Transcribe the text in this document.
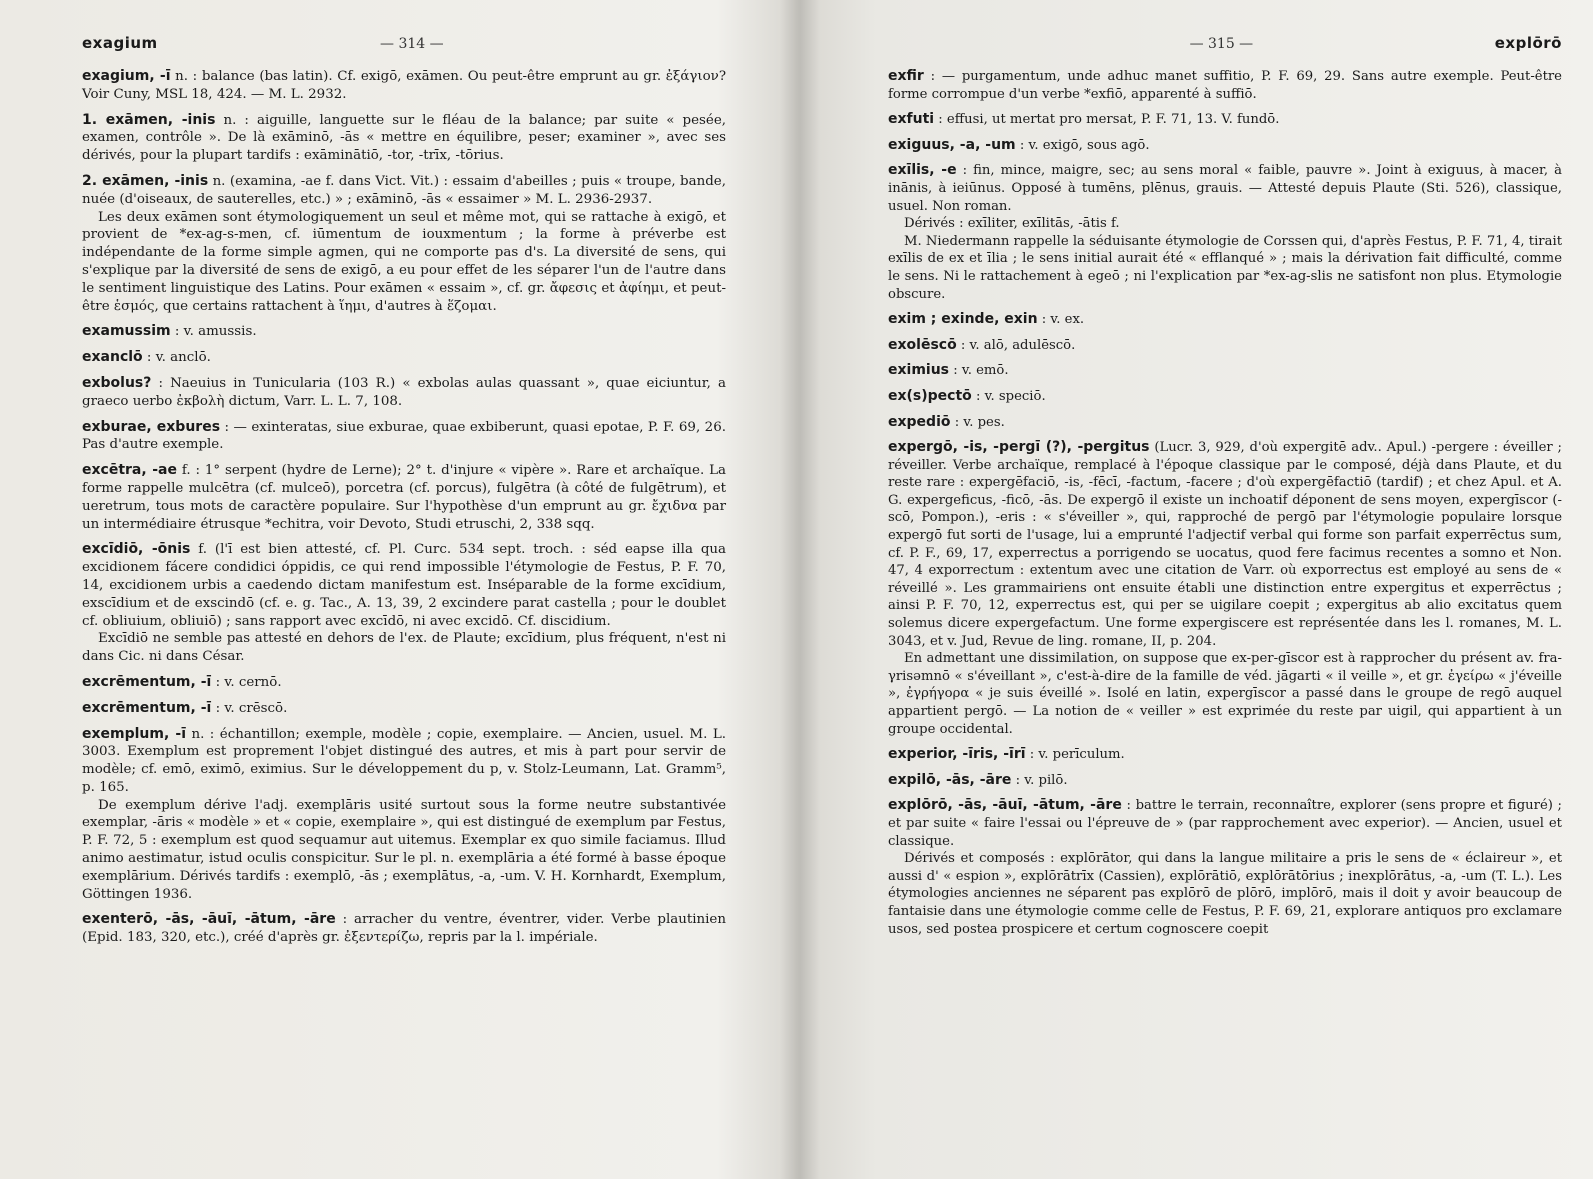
exagium	— 314 —

exagium, -ī n. : balance (bas latin). Cf. exigō, exāmen. Ou peut-être emprunt au gr. ἐξάγιον? Voir Cuny, MSL 18, 424. — M. L. 2932.

1. exāmen, -inis n. : aiguille, languette sur le fléau de la balance; par suite « pesée, examen, contrôle ». De là exāminō, -ās « mettre en équilibre, peser; examiner », avec ses dérivés, pour la plupart tardifs : exāminātiō, -tor, -trīx, -tōrius.

2. exāmen, -inis n. (examina, -ae f. dans Vict. Vit.) : essaim d'abeilles ; puis « troupe, bande, nuée (d'oiseaux, de sauterelles, etc.) » ; exāminō, -ās « essaimer » M. L. 2936-2937.

Les deux exāmen sont étymologiquement un seul et même mot, qui se rattache à exigō, et provient de *ex-ag-s-men, cf. iūmentum de iouxmentum ; la forme à préverbe est indépendante de la forme simple agmen, qui ne comporte pas d's. La diversité de sens, qui s'explique par la diversité de sens de exigō, a eu pour effet de les séparer l'un de l'autre dans le sentiment linguistique des Latins. Pour exāmen « essaim », cf. gr. ἄφεσις et ἀφίημι, et peut-être ἑσμός, que certains rattachent à ἵημι, d'autres à ἕζομαι.

examussim : v. amussis.

exanclō : v. anclō.

exbolus? : Naeuius in Tunicularia (103 R.) « exbolas aulas quassant », quae eiciuntur, a graeco uerbo ἐκβολὴ dictum, Varr. L. L. 7, 108.

exburae, exbures : — exinteratas, siue exburae, quae exbiberunt, quasi epotae, P. F. 69, 26. Pas d'autre exemple.

excētra, -ae f. : 1° serpent (hydre de Lerne); 2° t. d'injure « vipère ». Rare et archaïque. La forme rappelle mulcētra (cf. mulceō), porcetra (cf. porcus), fulgētra (à côté de fulgētrum), et ueretrum, tous mots de caractère populaire. Sur l'hypothèse d'un emprunt au gr. ἔχιδνα par un intermédiaire étrusque *echitra, voir Devoto, Studi etruschi, 2, 338 sqq.

excīdiō, -ōnis f. (l'ī est bien attesté, cf. Pl. Curc. 534 sept. troch. : séd eapse illa qua excidionem fácere condidici óppidis, ce qui rend impossible l'étymologie de Festus, P. F. 70, 14, excidionem urbis a caedendo dictam manifestum est. Inséparable de la forme excīdium, exscīdium et de exscindō (cf. e. g. Tac., A. 13, 39, 2 excindere parat castella ; pour le doublet cf. obliuium, obliuiō) ; sans rapport avec excīdō, ni avec excidō. Cf. discidium.

Excīdiō ne semble pas attesté en dehors de l'ex. de Plaute; excīdium, plus fréquent, n'est ni dans Cic. ni dans César.

excrēmentum, -ī : v. cernō.

excrēmentum, -ī : v. crēscō.

exemplum, -ī n. : échantillon; exemple, modèle ; copie, exemplaire. — Ancien, usuel. M. L. 3003. Exemplum est proprement l'objet distingué des autres, et mis à part pour servir de modèle; cf. emō, eximō, eximius. Sur le développement du p, v. Stolz-Leumann, Lat. Gramm⁵, p. 165.

De exemplum dérive l'adj. exemplāris usité surtout sous la forme neutre substantivée exemplar, -āris « modèle » et « copie, exemplaire », qui est distingué de exemplum par Festus, P. F. 72, 5 : exemplum est quod sequamur aut uitemus. Exemplar ex quo simile faciamus. Illud animo aestimatur, istud oculis conspicitur. Sur le pl. n. exemplāria a été formé à basse époque exemplārium. Dérivés tardifs : exemplō, -ās ; exemplātus, -a, -um. V. H. Kornhardt, Exemplum, Göttingen 1936.

exenterō, -ās, -āuī, -ātum, -āre : arracher du ventre, éventrer, vider. Verbe plautinien (Epid. 183, 320, etc.), créé d'après gr. ἐξεντερίζω, repris par la l. impériale.

— 315 —	explōrō

exfir : — purgamentum, unde adhuc manet suffitio, P. F. 69, 29. Sans autre exemple. Peut-être forme corrompue d'un verbe *exfiō, apparenté à suffiō.

exfuti : effusi, ut mertat pro mersat, P. F. 71, 13. V. fundō.

exiguus, -a, -um : v. exigō, sous agō.

exīlis, -e : fin, mince, maigre, sec; au sens moral « faible, pauvre ». Joint à exiguus, à macer, à inānis, à ieiūnus. Opposé à tumēns, plēnus, grauis. — Attesté depuis Plaute (Sti. 526), classique, usuel. Non roman.

Dérivés : exīliter, exīlitās, -ātis f.

M. Niedermann rappelle la séduisante étymologie de Corssen qui, d'après Festus, P. F. 71, 4, tirait exīlis de ex et īlia ; le sens initial aurait été « efflanqué » ; mais la dérivation fait difficulté, comme le sens. Ni le rattachement à egeō ; ni l'explication par *ex-ag-slis ne satisfont non plus. Etymologie obscure.

exim ; exinde, exin : v. ex.

exolēscō : v. alō, adulēscō.

eximius : v. emō.

ex(s)pectō : v. speciō.

expediō : v. pes.

expergō, -is, -pergī (?), -pergitus (Lucr. 3, 929, d'où expergitē adv.. Apul.) -pergere : éveiller ; réveiller. Verbe archaïque, remplacé à l'époque classique par le composé, déjà dans Plaute, et du reste rare : expergēfaciō, -is, -fēcī, -factum, -facere ; d'où expergēfactiō (tardif) ; et chez Apul. et A. G. expergeficus, -ficō, -ās. De expergō il existe un inchoatif déponent de sens moyen, expergīscor (-scō, Pompon.), -eris : « s'éveiller », qui, rapproché de pergō par l'étymologie populaire lorsque expergō fut sorti de l'usage, lui a emprunté l'adjectif verbal qui forme son parfait experrēctus sum, cf. P. F., 69, 17, experrectus a porrigendo se uocatus, quod fere facimus recentes a somno et Non. 47, 4 exporrectum : extentum avec une citation de Varr. où exporrectus est employé au sens de « réveillé ». Les grammairiens ont ensuite établi une distinction entre expergitus et experrēctus ; ainsi P. F. 70, 12, experrectus est, qui per se uigilare coepit ; expergitus ab alio excitatus quem solemus dicere expergefactum. Une forme expergiscere est représentée dans les l. romanes, M. L. 3043, et v. Jud, Revue de ling. romane, II, p. 204.

En admettant une dissimilation, on suppose que ex-per-gīscor est à rapprocher du présent av. fra-γrisəmnō « s'éveillant », c'est-à-dire de la famille de véd. jāgarti « il veille », et gr. ἐγείρω « j'éveille », ἐγρήγορα « je suis éveillé ». Isolé en latin, expergīscor a passé dans le groupe de regō auquel appartient pergō. — La notion de « veiller » est exprimée du reste par uigil, qui appartient à un groupe occidental.

experior, -īris, -īrī : v. perīculum.

expilō, -ās, -āre : v. pilō.

explōrō, -ās, -āuī, -ātum, -āre : battre le terrain, reconnaître, explorer (sens propre et figuré) ; et par suite « faire l'essai ou l'épreuve de » (par rapprochement avec experior). — Ancien, usuel et classique.

Dérivés et composés : explōrātor, qui dans la langue militaire a pris le sens de « éclaireur », et aussi d' « espion », explōrātrīx (Cassien), explōrātiō, explōrātōrius ; inexplōrātus, -a, -um (T. L.). Les étymologies anciennes ne séparent pas explōrō de plōrō, implōrō, mais il doit y avoir beaucoup de fantaisie dans une étymologie comme celle de Festus, P. F. 69, 21, explorare antiquos pro exclamare usos, sed postea prospicere et certum cognoscere coepit
